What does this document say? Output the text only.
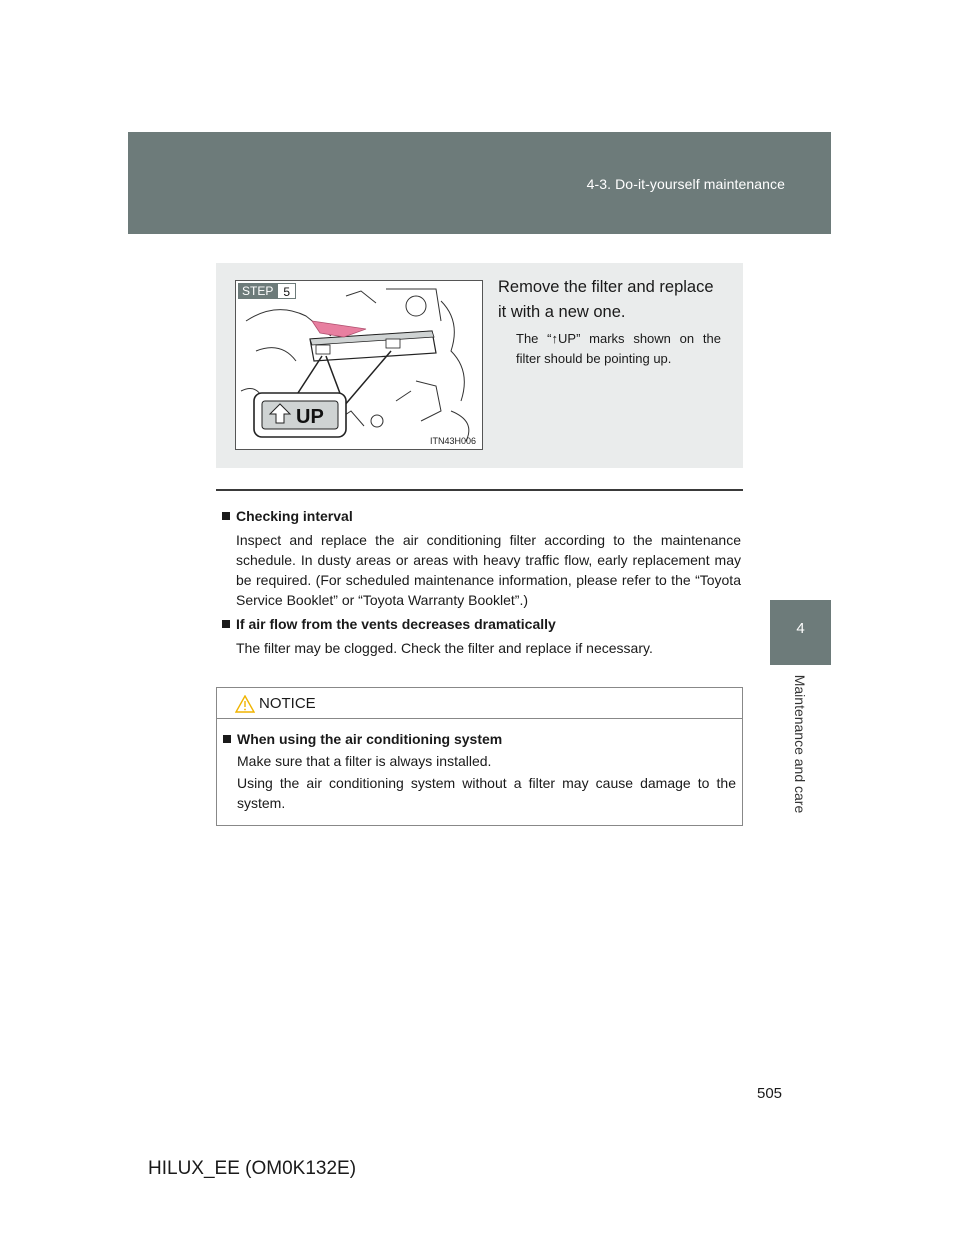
4-3. Do-it-yourself maintenance
4
Maintenance and care
UP
STEP 5
ITN43H006
Remove the filter and replace it with a new one.
The “↑UP” marks shown on the filter should be pointing up.
Checking interval
Inspect and replace the air conditioning filter according to the maintenance schedule. In dusty areas or areas with heavy traffic flow, early replacement may be required. (For scheduled maintenance information, please refer to the “Toyota Service Booklet” or “Toyota Warranty Booklet”.)
If air flow from the vents decreases dramatically
The filter may be clogged. Check the filter and replace if necessary.
NOTICE
When using the air conditioning system
Make sure that a filter is always installed.
Using the air conditioning system without a filter may cause damage to the system.
505
HILUX_EE (OM0K132E)
